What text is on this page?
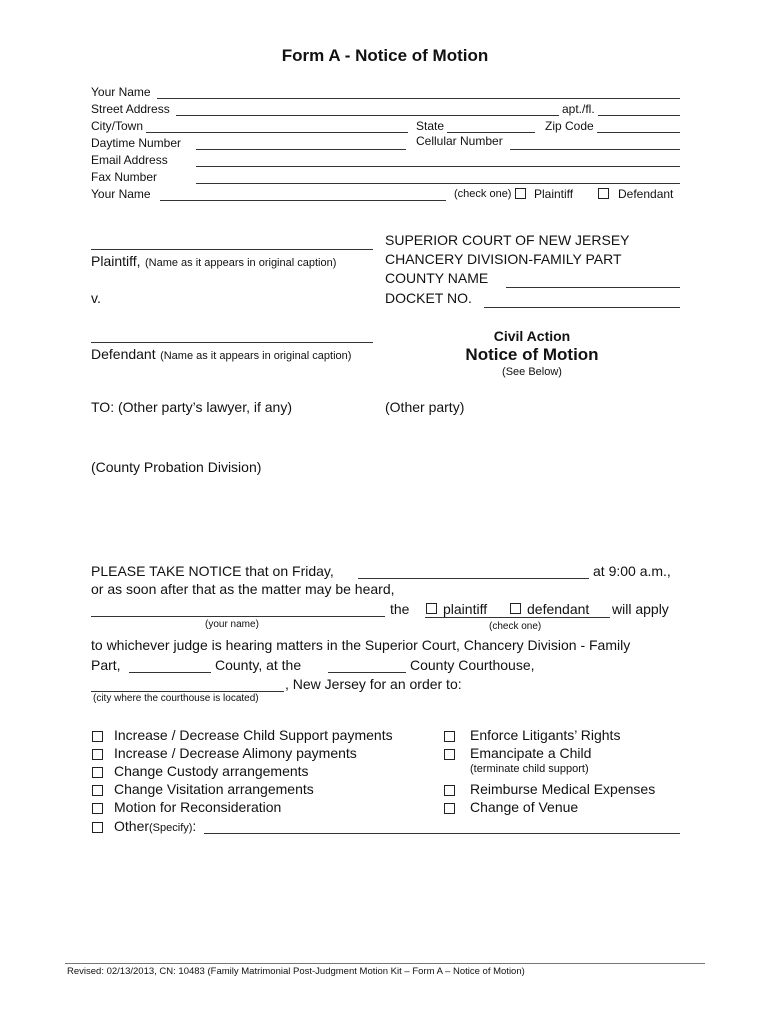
Form A - Notice of Motion
Your Name
Street Address	apt./fl.
City/Town	State	Zip Code
Daytime Number	Cellular Number
Email Address
Fax Number
Your Name	(check one) Plaintiff	Defendant
Plaintiff, (Name as it appears in original caption)
v.
Defendant (Name as it appears in original caption)
SUPERIOR COURT OF NEW JERSEY
CHANCERY DIVISION-FAMILY PART
COUNTY NAME
DOCKET NO.
Civil Action
Notice of Motion
(See Below)
TO: (Other party’s lawyer, if any)	(Other party)
(County Probation Division)
PLEASE TAKE NOTICE that on Friday,	at 9:00 a.m.,
or as soon after that as the matter may be heard,
the plaintiff	defendant will apply
(your name)	(check one)
to whichever judge is hearing matters in the Superior Court, Chancery Division - Family
Part,	County, at the	County Courthouse,
, New Jersey for an order to:
(city where the courthouse is located)
Increase / Decrease Child Support payments
Increase / Decrease Alimony payments
Change Custody arrangements
Change Visitation arrangements
Motion for Reconsideration
Other(Specify):
Enforce Litigants’ Rights
Emancipate a Child
(terminate child support)
Reimburse Medical Expenses
Change of Venue
Revised: 02/13/2013, CN: 10483 (Family Matrimonial Post-Judgment Motion Kit – Form A – Notice of Motion)
